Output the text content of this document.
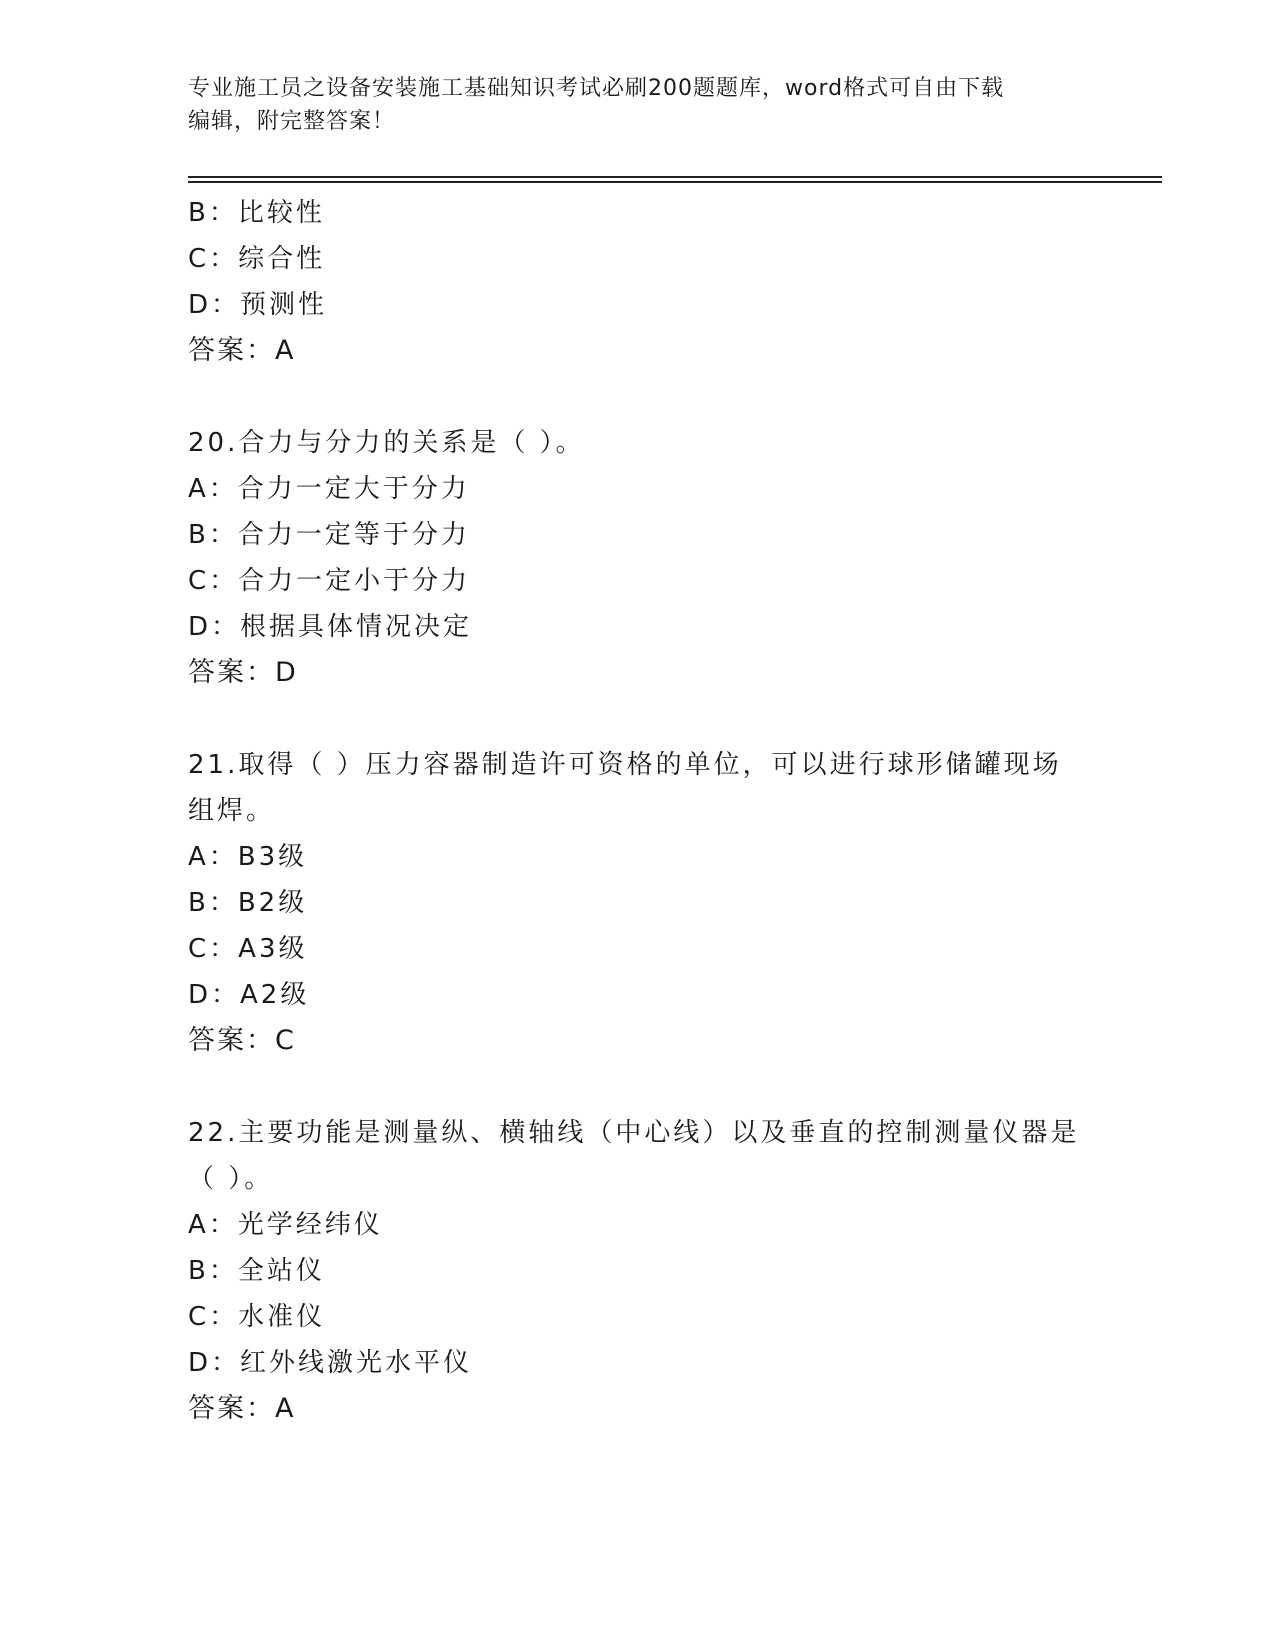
专业施工员之设备安装施工基础知识考试必刷200题题库，word格式可自由下载
编辑，附完整答案！
B：比较性
C：综合性
D：预测性
答案：A
20.合力与分力的关系是（ ）。
A：合力一定大于分力
B：合力一定等于分力
C：合力一定小于分力
D：根据具体情况决定
答案：D
21.取得（ ）压力容器制造许可资格的单位，可以进行球形储罐现场
组焊。
A：B3级
B：B2级
C：A3级
D：A2级
答案：C
22.主要功能是测量纵、横轴线（中心线）以及垂直的控制测量仪器是
（ ）。
A：光学经纬仪
B：全站仪
C：水准仪
D：红外线激光水平仪
答案：A
